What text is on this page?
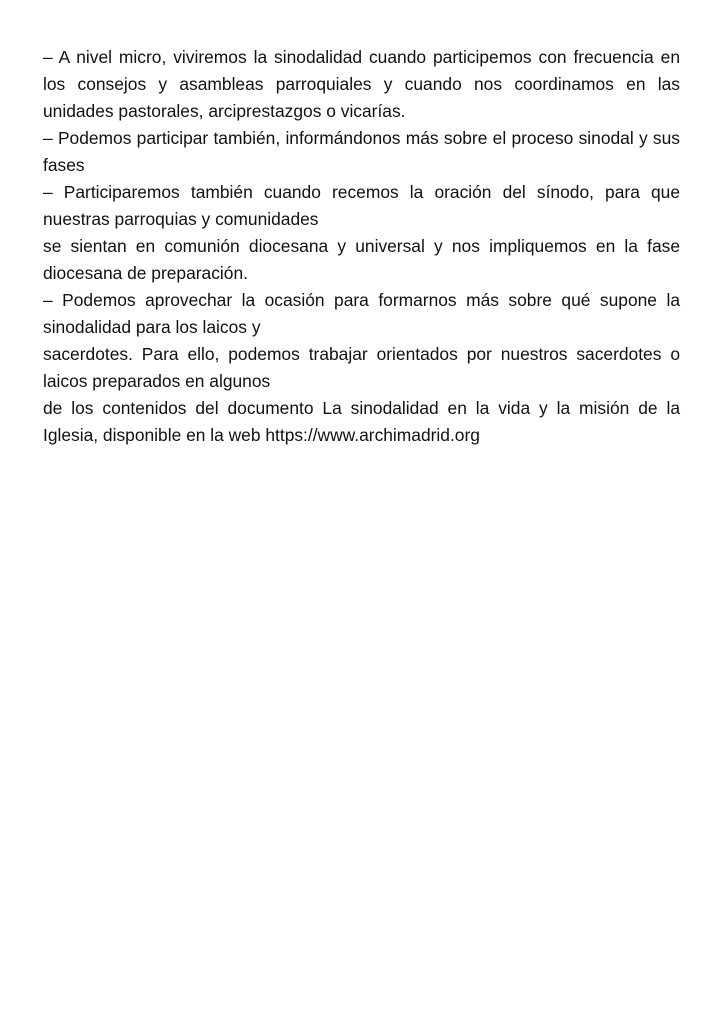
– A nivel micro, viviremos la sinodalidad cuando participemos con frecuencia en los consejos y asambleas parroquiales y cuando nos coordinamos en las unidades pastorales, arciprestazgos o vicarías.

– Podemos participar también, informándonos más sobre el proceso sinodal y sus fases

– Participaremos también cuando recemos la oración del sínodo, para que nuestras parroquias y comunidades

se sientan en comunión diocesana y universal y nos impliquemos en la fase diocesana de preparación.

– Podemos aprovechar la ocasión para formarnos más sobre qué supone la sinodalidad para los laicos y

sacerdotes. Para ello, podemos trabajar orientados por nuestros sacerdotes o laicos preparados en algunos

de los contenidos del documento La sinodalidad en la vida y la misión de la Iglesia, disponible en la web https://www.archimadrid.org
